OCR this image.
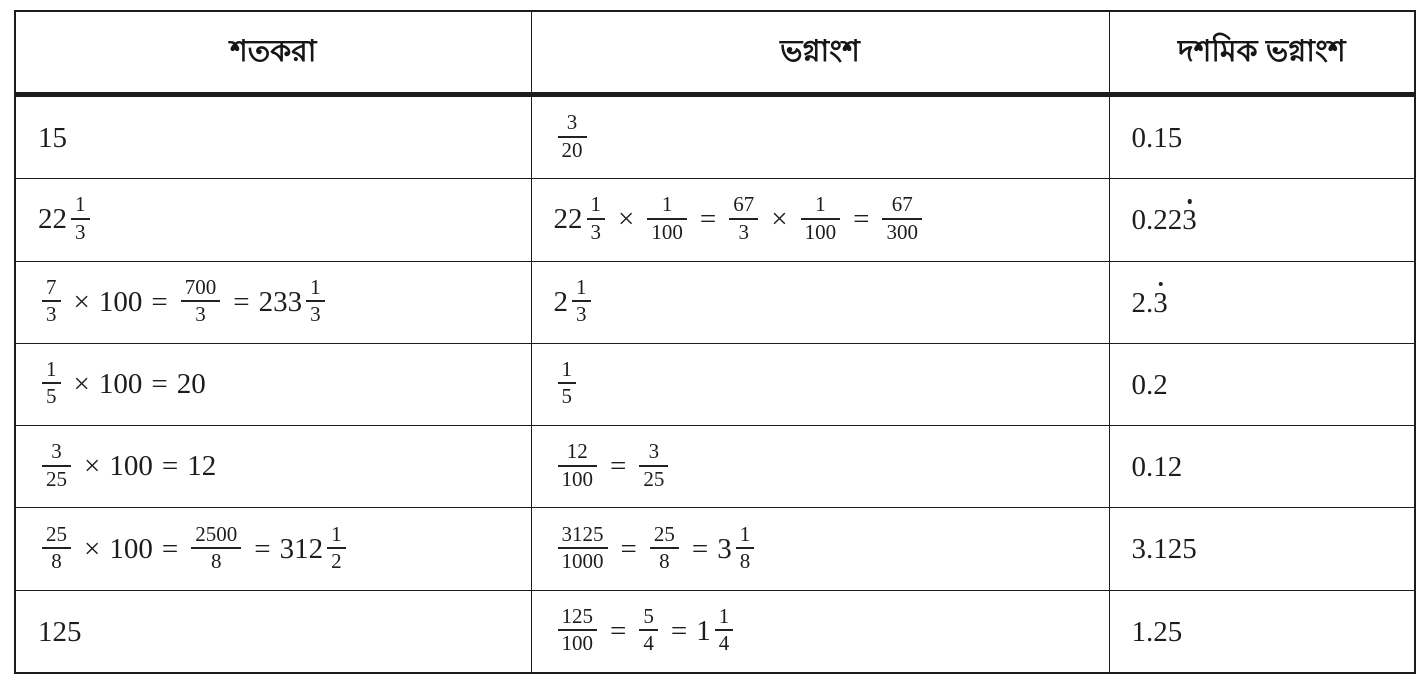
শতকরা	ভগ্নাংশ	দশমিক ভগ্নাংশ
15	$\frac{3}{20}$	0.15
$22 \frac{1}{3}$	$22 \frac{1}{3} \times \frac{1}{100} = \frac{67}{3} \times \frac{1}{100} = \frac{67}{300}$	0.223

$\frac{7}{3} \times 100 = \frac{700}{3} = 233 \frac{1}{3}$	$2 \frac{1}{3}$	2.3

$\frac{1}{5} \times 100 = 20$	$\frac{1}{5}$	0.2

$\frac{3}{25} \times 100 = 12$	$\frac{12}{100} = \frac{3}{25}$	0.12

$\frac{25}{8} \times 100 = \frac{2500}{8} = 312 \frac{1}{2}$	$\frac{3125}{1000} = \frac{25}{8} = 3 \frac{1}{8}$	3.125
125	$\frac{125}{100} = \frac{5}{4} = 1 \frac{1}{4}$	1.25
